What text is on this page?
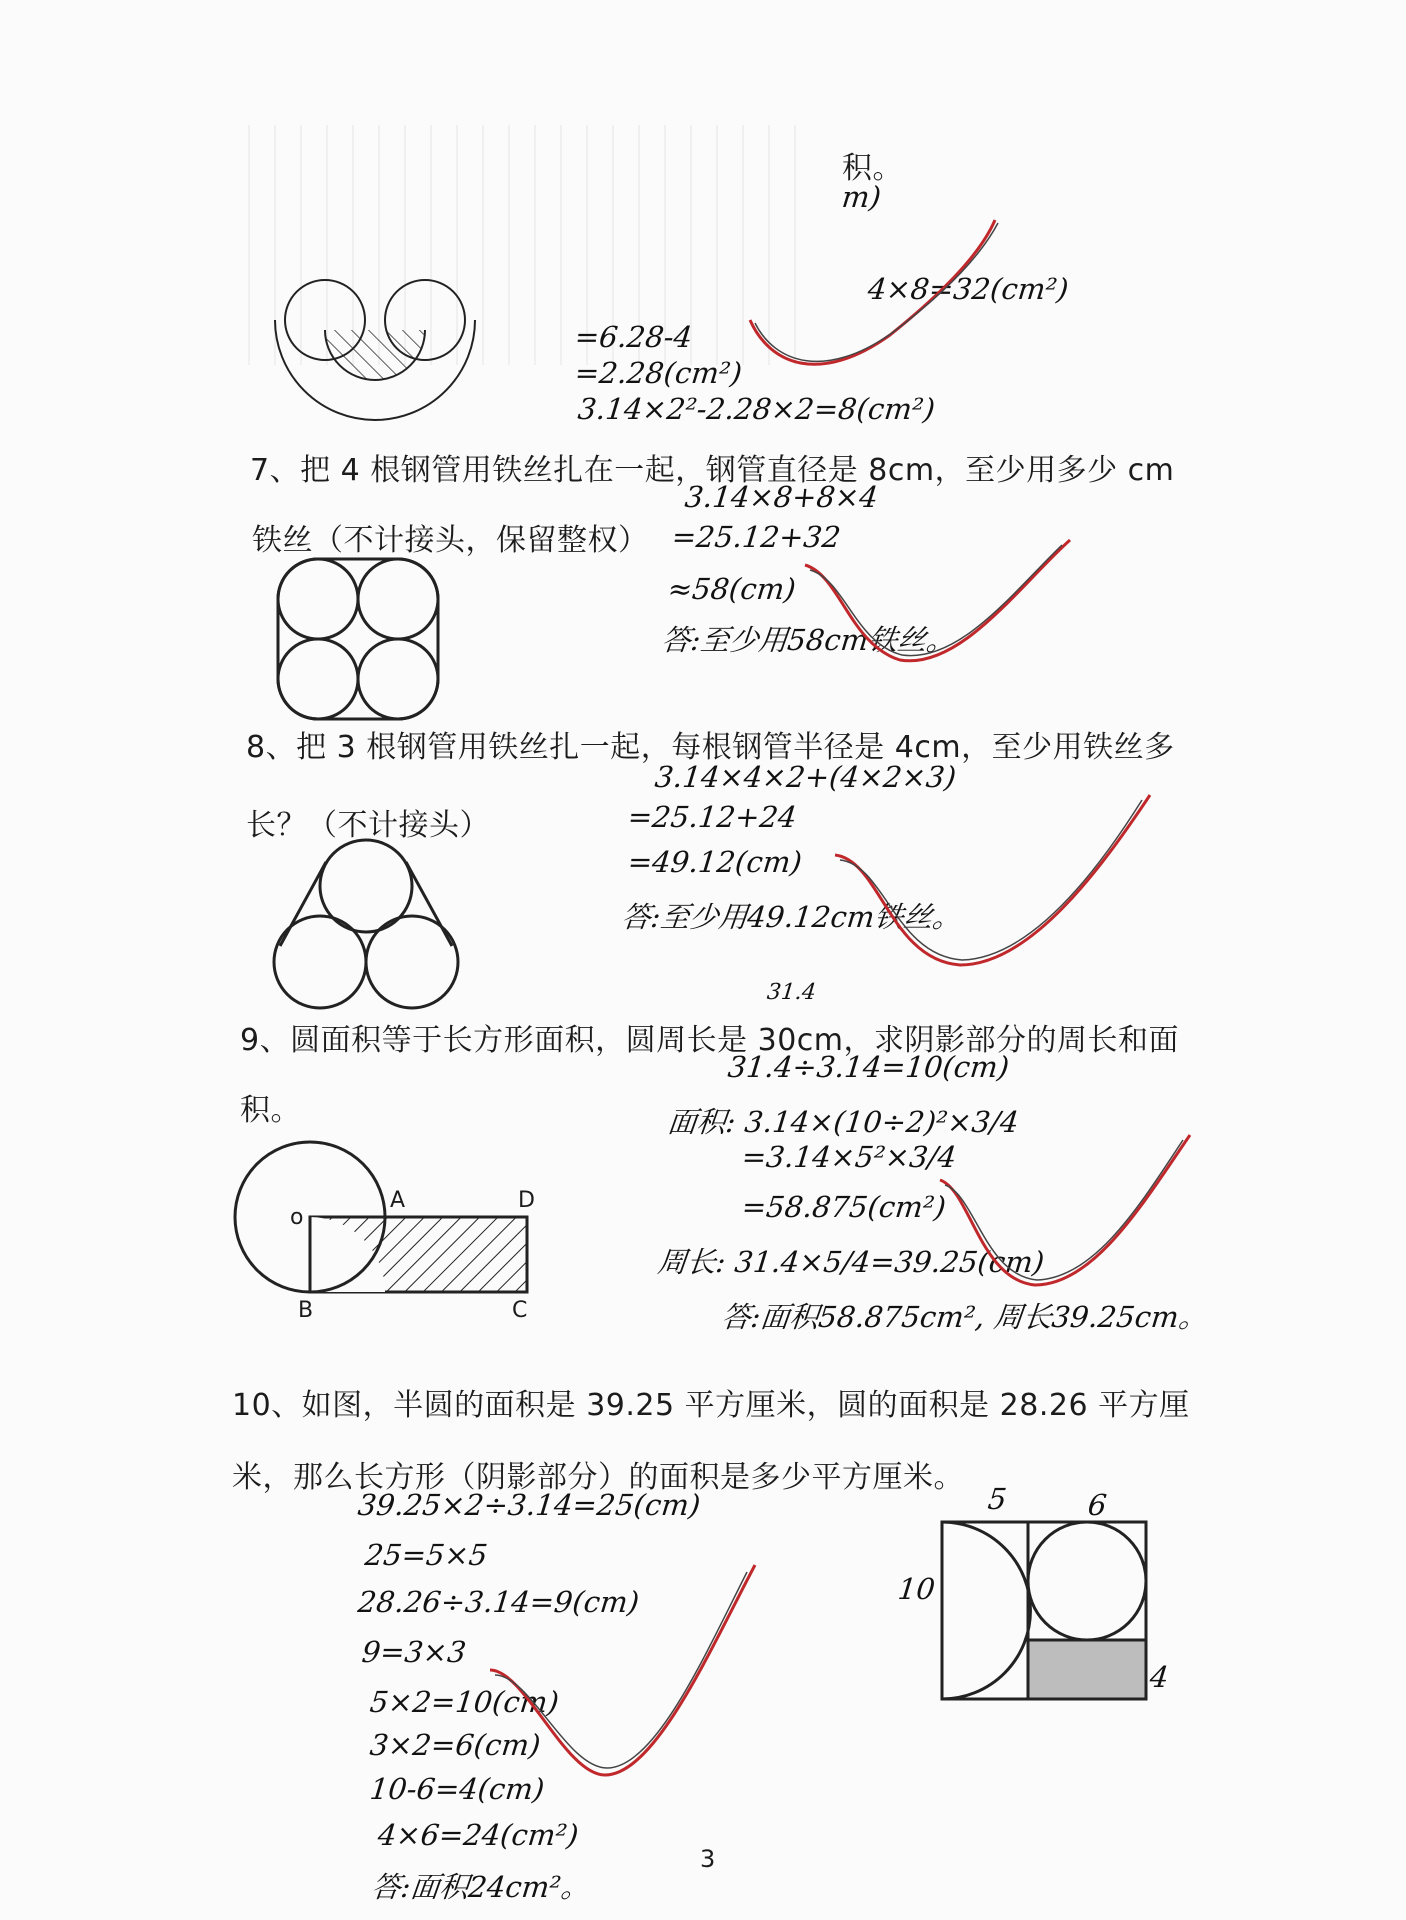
积。
m)
=6.28-4
=2.28(cm²)
3.14×2²-2.28×2=8(cm²)
4×8=32(cm²)
7、把 4 根钢管用铁丝扎在一起，钢管直径是 8cm，至少用多少 cm
铁丝（不计接头，保留整权）
3.14×8+8×4
=25.12+32
≈58(cm)
答:至少用58cm铁丝。
8、把 3 根钢管用铁丝扎一起，每根钢管半径是 4cm，至少用铁丝多
长？（不计接头）
3.14×4×2+(4×2×3)
=25.12+24
=49.12(cm)
答:至少用49.12cm铁丝。
31.4
9、圆面积等于长方形面积，圆周长是 30cm，求阴影部分的周长和面
积。
o
A	D
B	C
31.4÷3.14=10(cm)
面积: 3.14×(10÷2)²×3/4
=3.14×5²×3/4
=58.875(cm²)
周长: 31.4×5/4=39.25(cm)
答:面积58.875cm², 周长39.25cm。
10、如图，半圆的面积是 39.25 平方厘米，圆的面积是 28.26 平方厘
米，那么长方形（阴影部分）的面积是多少平方厘米。
5	6
10
4
39.25×2÷3.14=25(cm)
25=5×5
28.26÷3.14=9(cm)
9=3×3
5×2=10(cm)
3×2=6(cm)
10-6=4(cm)
4×6=24(cm²)
答:面积24cm²。
3
